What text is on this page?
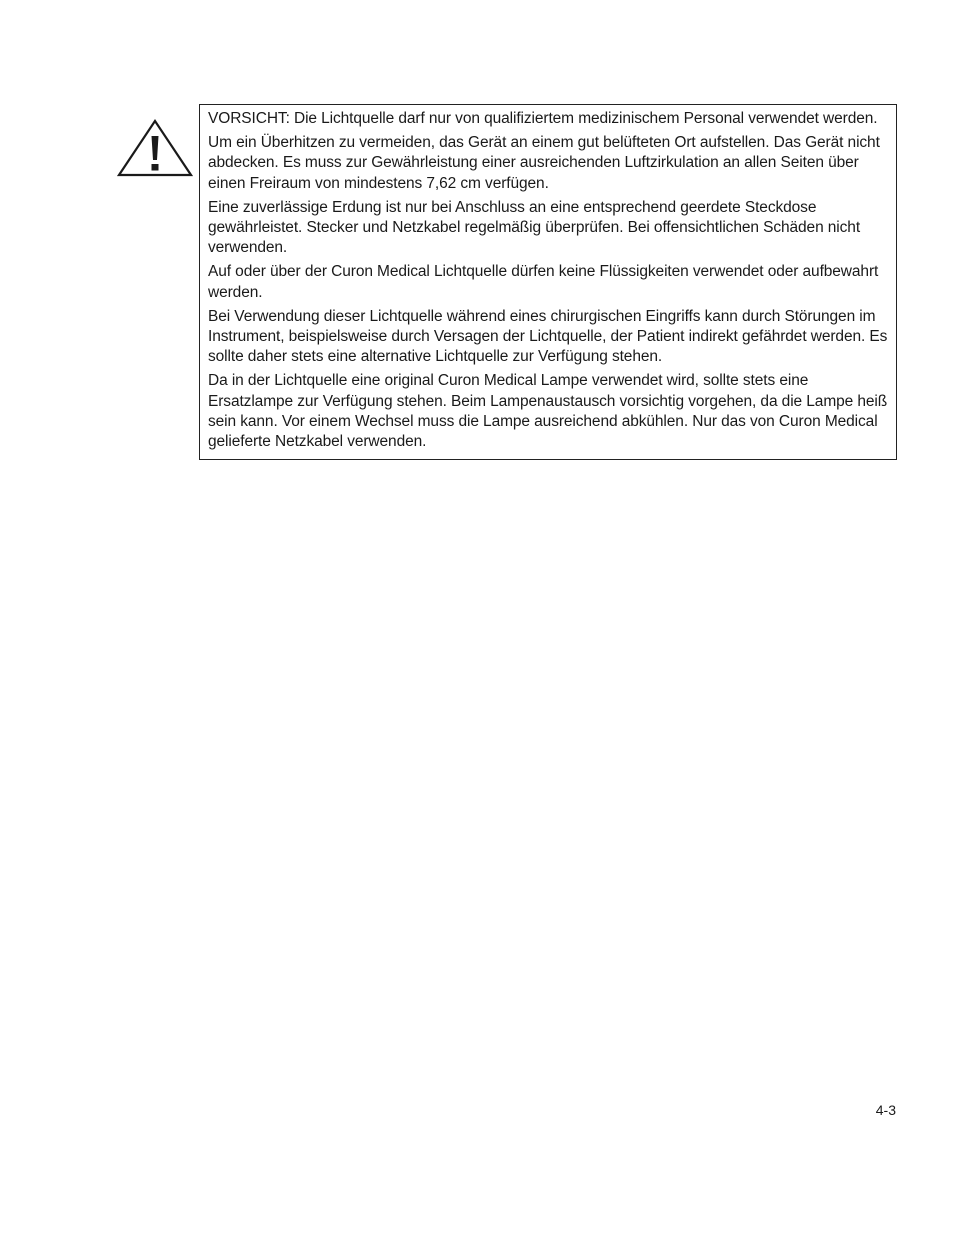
VORSICHT: Die Lichtquelle darf nur von qualifiziertem medizinischem Personal verwendet werden.

Um ein Überhitzen zu vermeiden, das Gerät an einem gut belüfteten Ort aufstellen. Das Gerät nicht abdecken. Es muss zur Gewährleistung einer ausreichenden Luftzirkulation an allen Seiten über einen Freiraum von mindestens 7,62 cm verfügen.

Eine zuverlässige Erdung ist nur bei Anschluss an eine entsprechend geerdete Steckdose gewährleistet. Stecker und Netzkabel regelmäßig überprüfen. Bei offensichtlichen Schäden nicht verwenden.

Auf oder über der Curon Medical Lichtquelle dürfen keine Flüssigkeiten verwendet oder aufbewahrt werden.

Bei Verwendung dieser Lichtquelle während eines chirurgischen Eingriffs kann durch Störungen im Instrument, beispielsweise durch Versagen der Lichtquelle, der Patient indirekt gefährdet werden. Es sollte daher stets eine alternative Lichtquelle zur Verfügung stehen.

Da in der Lichtquelle eine original Curon Medical Lampe verwendet wird, sollte stets eine Ersatzlampe zur Verfügung stehen. Beim Lampenaustausch vorsichtig vorgehen, da die Lampe heiß sein kann. Vor einem Wechsel muss die Lampe ausreichend abkühlen. Nur das von Curon Medical gelieferte Netzkabel verwenden.

4-3
